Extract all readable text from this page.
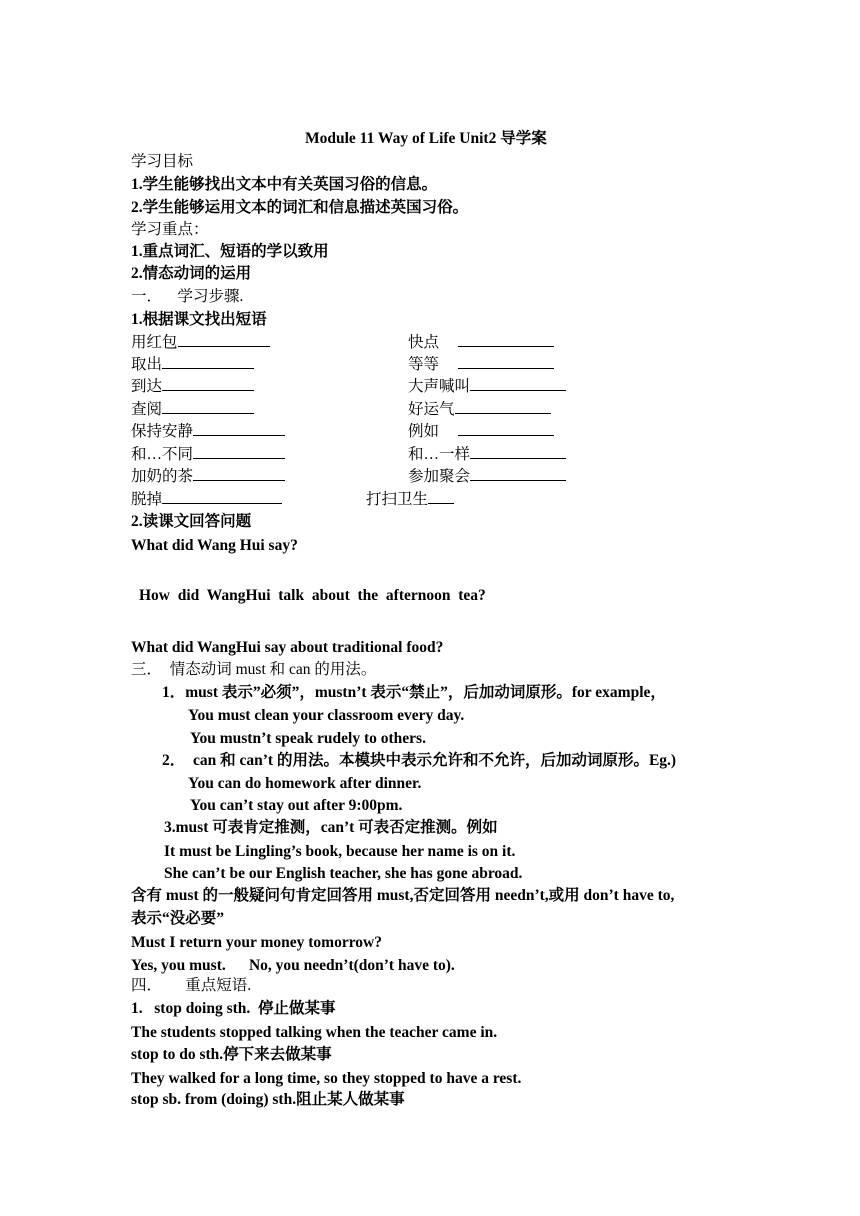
Module 11 Way of Life Unit2 导学案
学习目标
1.学生能够找出文本中有关英国习俗的信息。
2.学生能够运用文本的词汇和信息描述英国习俗。
学习重点：
1.重点词汇、短语的学以致用
2.情态动词的运用
一．    学习步骤.
1.根据课文找出短语
用红包
取出
到达
查阅
保持安静
和…不同
加奶的茶
脱掉
快点
等等
大声喊叫
好运气
例如
和…一样
参加聚会
打扫卫生
2.读课文回答问题
What did Wang Hui say?
How  did  WangHui  talk  about  the  afternoon  tea?
What did WangHui say about traditional food?
三．  情态动词 must 和 can 的用法。
1．must 表示”必须”，mustn’t 表示“禁止”，后加动词原形。for example，
You must clean your classroom every day.
You mustn’t speak rudely to others.
2．  can 和 can’t 的用法。本模块中表示允许和不允许，后加动词原形。Eg.)
You can do homework after dinner.
You can’t stay out after 9:00pm.
3.must 可表肯定推测，can’t 可表否定推测。例如
It must be Lingling’s book, because her name is on it.
She can’t be our English teacher, she has gone abroad.
含有 must 的一般疑问句肯定回答用 must,否定回答用 needn’t,或用 don’t have to,
表示“没必要”
Must I return your money tomorrow?
Yes, you must.      No, you needn’t(don’t have to).
四．      重点短语.
1.   stop doing sth.  停止做某事
The students stopped talking when the teacher came in.
stop to do sth.停下来去做某事
They walked for a long time, so they stopped to have a rest.
stop sb. from (doing) sth.阻止某人做某事
